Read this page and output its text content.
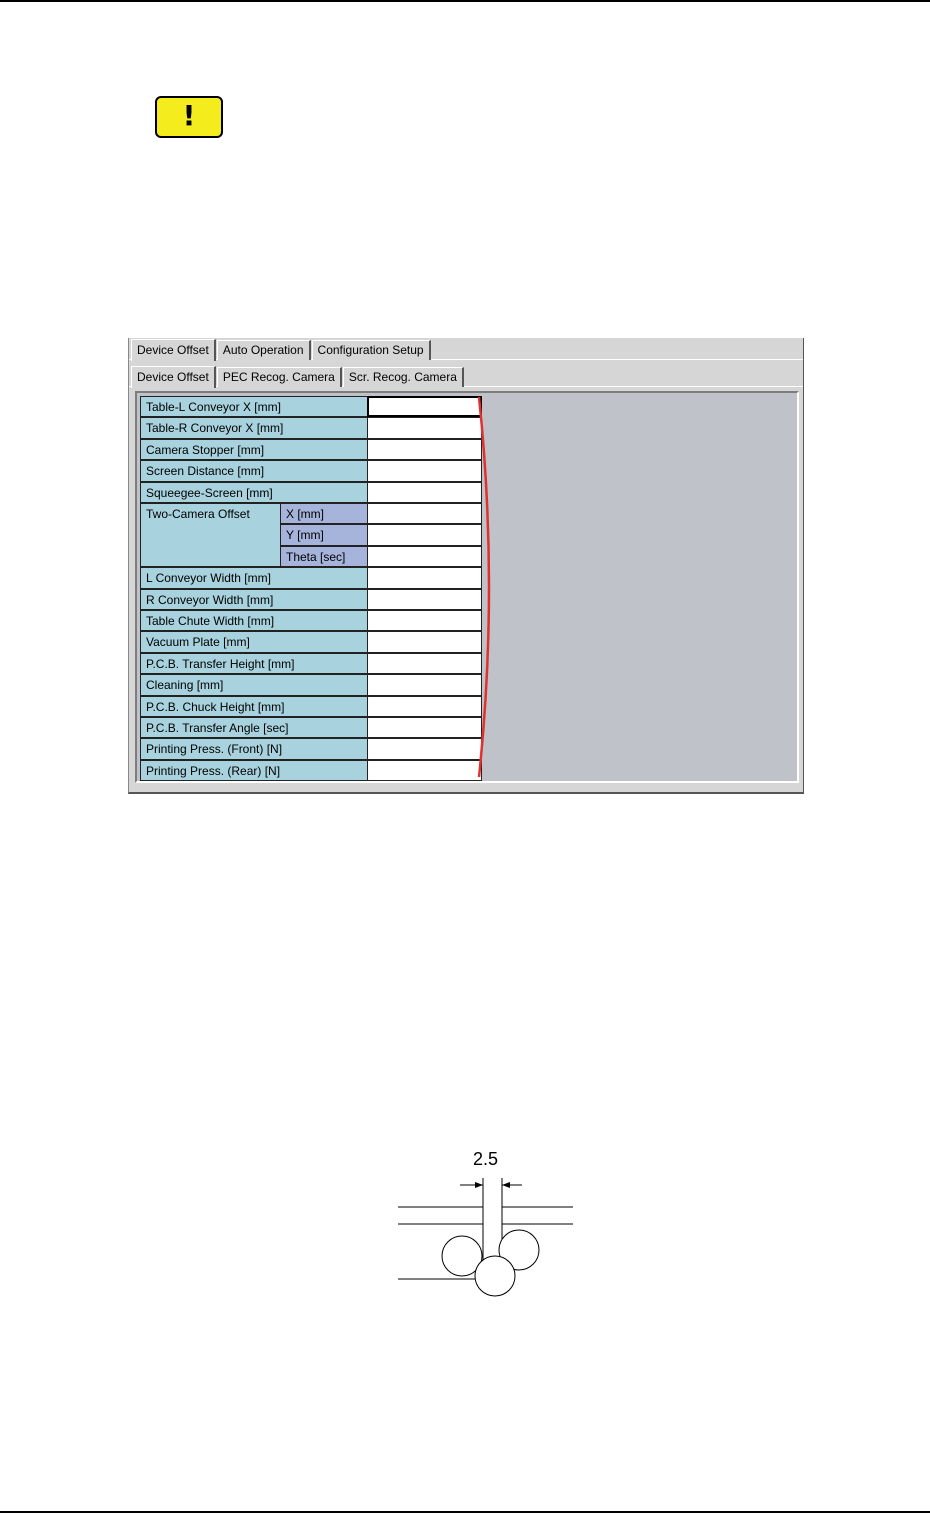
!
Device Offset	Auto Operation	Configuration Setup
Device Offset	PEC Recog. Camera	Scr. Recog. Camera
Table-L Conveyor X [mm]
Table-R Conveyor X [mm]
Camera Stopper [mm]
Screen Distance [mm]
Squeegee-Screen [mm]
Two-Camera Offset	X [mm]
Y [mm]
Theta [sec]
L Conveyor Width [mm]
R Conveyor Width [mm]
Table Chute Width [mm]
Vacuum Plate [mm]
P.C.B. Transfer Height [mm]
Cleaning [mm]
P.C.B. Chuck Height [mm]
P.C.B. Transfer Angle [sec]
Printing Press. (Front) [N]
Printing Press. (Rear) [N]
2.5
